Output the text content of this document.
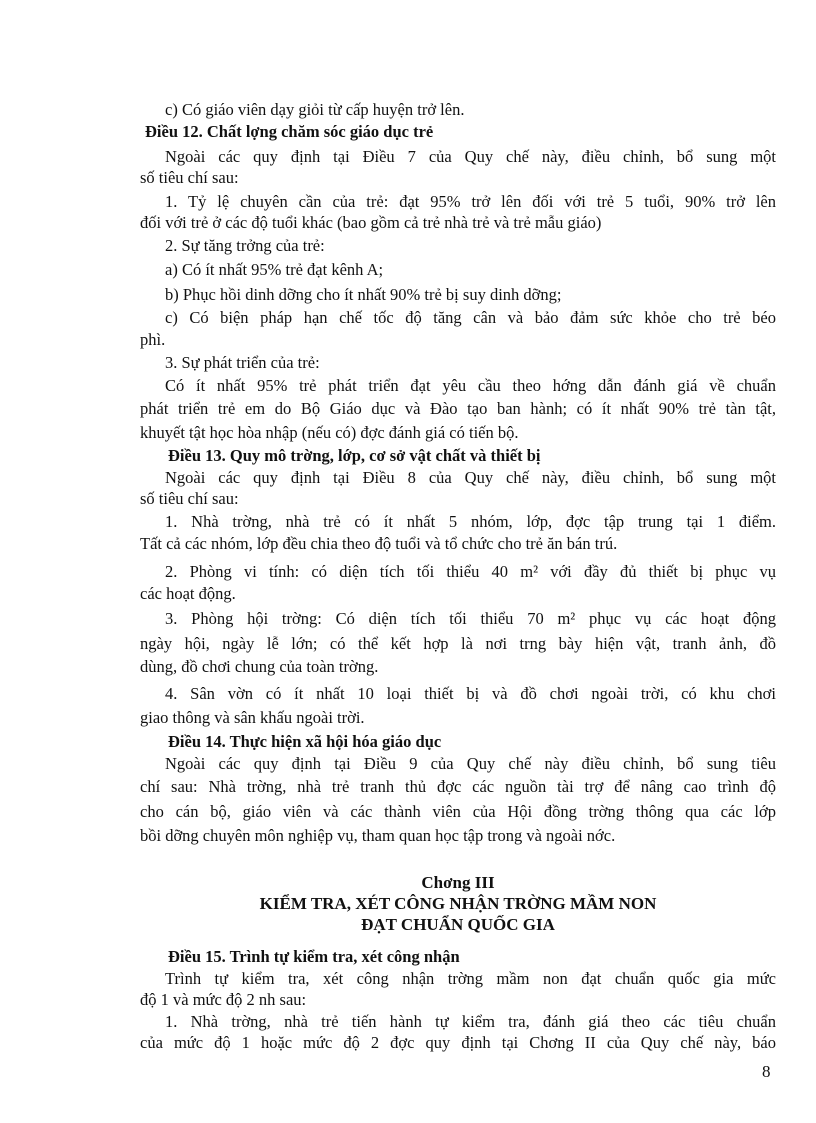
c) Có giáo viên dạy giỏi từ cấp huyện trở lên.
Điều 12. Chất lợng chăm sóc giáo dục trẻ
Ngoài các quy định tại Điều 7 của Quy chế này, điều chỉnh, bổ sung một
số tiêu chí sau:
1. Tỷ lệ chuyên cần của trẻ: đạt 95% trở lên đối với trẻ 5 tuổi, 90% trở lên
đối với trẻ ở các độ tuổi khác (bao gồm cả trẻ nhà trẻ và trẻ mẫu giáo)
2. Sự tăng trởng của trẻ:
a) Có ít nhất 95% trẻ đạt kênh A;
b) Phục hồi dinh dỡng cho ít nhất 90% trẻ bị suy dinh dỡng;
c) Có biện pháp hạn chế tốc độ tăng cân và bảo đảm sức khỏe cho trẻ béo
phì.
3. Sự phát triển của trẻ:
Có ít nhất 95% trẻ phát triển đạt yêu cầu theo hớng dẫn đánh giá về chuẩn
phát triển trẻ em do Bộ Giáo dục và Đào tạo ban hành; có ít nhất 90% trẻ tàn tật,
khuyết tật học hòa nhập (nếu có) đợc đánh giá có tiến bộ.
Điều 13. Quy mô trờng, lớp, cơ sở vật chất và thiết bị
Ngoài các quy định tại Điều 8 của Quy chế này, điều chỉnh, bổ sung một
số tiêu chí sau:
1. Nhà trờng, nhà trẻ có ít nhất 5 nhóm, lớp, đợc tập trung tại 1 điểm.
Tất cả các nhóm, lớp đều chia theo độ tuổi và tổ chức cho trẻ ăn bán trú.
2. Phòng vi tính: có diện tích tối thiểu 40 m² với đầy đủ thiết bị phục vụ
các hoạt động.
3. Phòng hội trờng: Có diện tích tối thiểu 70 m² phục vụ các hoạt động
ngày hội, ngày lễ lớn; có thể kết hợp là nơi trng bày hiện vật, tranh ảnh, đồ
dùng, đồ chơi chung của toàn trờng.
4. Sân vờn có ít nhất 10 loại thiết bị và đồ chơi ngoài trời, có khu chơi
giao thông và sân khấu ngoài trời.
Điều 14. Thực hiện xã hội hóa giáo dục
Ngoài các quy định tại Điều 9 của Quy chế này điều chỉnh, bổ sung tiêu
chí sau: Nhà trờng, nhà trẻ tranh thủ đợc các nguồn tài trợ để nâng cao trình độ
cho cán bộ, giáo viên và các thành viên của Hội đồng trờng thông qua các lớp
bồi dỡng chuyên môn nghiệp vụ, tham quan học tập trong và ngoài nớc.
Chơng III
KIỂM TRA, XÉT CÔNG NHẬN TRỜNG MẦM NON
ĐẠT CHUẨN QUỐC GIA
Điều 15. Trình tự kiểm tra, xét công nhận
Trình tự kiểm tra, xét công nhận trờng mầm non đạt chuẩn quốc gia mức
độ 1 và mức độ 2 nh sau:
1. Nhà trờng, nhà trẻ tiến hành tự kiểm tra, đánh giá theo các tiêu chuẩn
của mức độ 1 hoặc mức độ 2 đợc quy định tại Chơng II của Quy chế này, báo
8
